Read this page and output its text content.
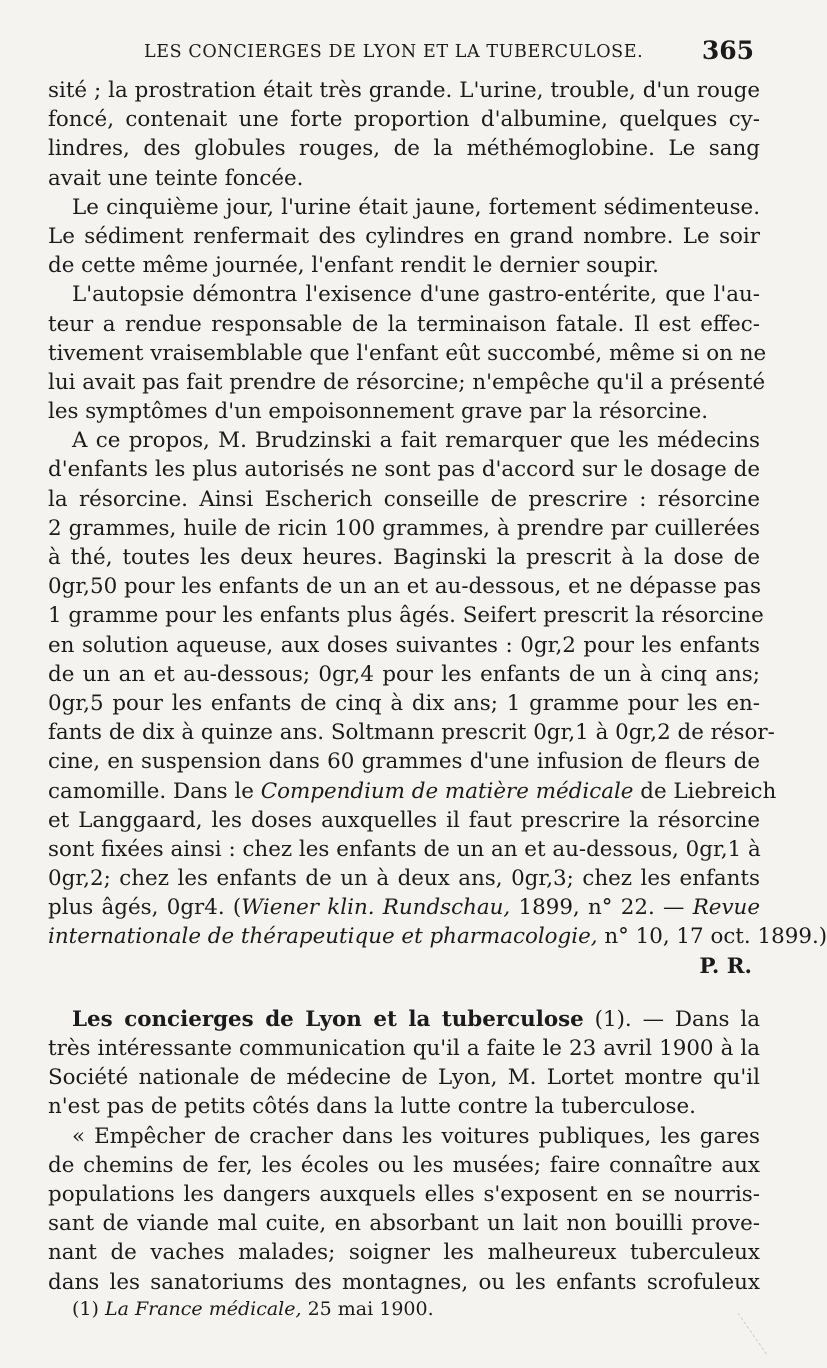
LES CONCIERGES DE LYON ET LA TUBERCULOSE. 365
sité ; la prostration était très grande. L'urine, trouble, d'un rouge
foncé, contenait une forte proportion d'albumine, quelques cy-
lindres, des globules rouges, de la méthémoglobine. Le sang
avait une teinte foncée.
Le cinquième jour, l'urine était jaune, fortement sédimenteuse.
Le sédiment renfermait des cylindres en grand nombre. Le soir
de cette même journée, l'enfant rendit le dernier soupir.
L'autopsie démontra l'exisence d'une gastro-entérite, que l'au-
teur a rendue responsable de la terminaison fatale. Il est effec-
tivement vraisemblable que l'enfant eût succombé, même si on ne
lui avait pas fait prendre de résorcine; n'empêche qu'il a présenté
les symptômes d'un empoisonnement grave par la résorcine.
A ce propos, M. Brudzinski a fait remarquer que les médecins
d'enfants les plus autorisés ne sont pas d'accord sur le dosage de
la résorcine. Ainsi Escherich conseille de prescrire : résorcine
2 grammes, huile de ricin 100 grammes, à prendre par cuillerées
à thé, toutes les deux heures. Baginski la prescrit à la dose de
0gr,50 pour les enfants de un an et au-dessous, et ne dépasse pas
1 gramme pour les enfants plus âgés. Seifert prescrit la résorcine
en solution aqueuse, aux doses suivantes : 0gr,2 pour les enfants
de un an et au-dessous; 0gr,4 pour les enfants de un à cinq ans;
0gr,5 pour les enfants de cinq à dix ans; 1 gramme pour les en-
fants de dix à quinze ans. Soltmann prescrit 0gr,1 à 0gr,2 de résor-
cine, en suspension dans 60 grammes d'une infusion de fleurs de
camomille. Dans le Compendium de matière médicale de Liebreich
et Langgaard, les doses auxquelles il faut prescrire la résorcine
sont fixées ainsi : chez les enfants de un an et au-dessous, 0gr,1 à
0gr,2; chez les enfants de un à deux ans, 0gr,3; chez les enfants
plus âgés, 0gr4. (Wiener klin. Rundschau, 1899, n° 22. — Revue
internationale de thérapeutique et pharmacologie, n° 10, 17 oct. 1899.)
P. R.
Les concierges de Lyon et la tuberculose (1). — Dans la
très intéressante communication qu'il a faite le 23 avril 1900 à la
Société nationale de médecine de Lyon, M. Lortet montre qu'il
n'est pas de petits côtés dans la lutte contre la tuberculose.
« Empêcher de cracher dans les voitures publiques, les gares
de chemins de fer, les écoles ou les musées; faire connaître aux
populations les dangers auxquels elles s'exposent en se nourris-
sant de viande mal cuite, en absorbant un lait non bouilli prove-
nant de vaches malades; soigner les malheureux tuberculeux
dans les sanatoriums des montagnes, ou les enfants scrofuleux
(1) La France médicale, 25 mai 1900.
